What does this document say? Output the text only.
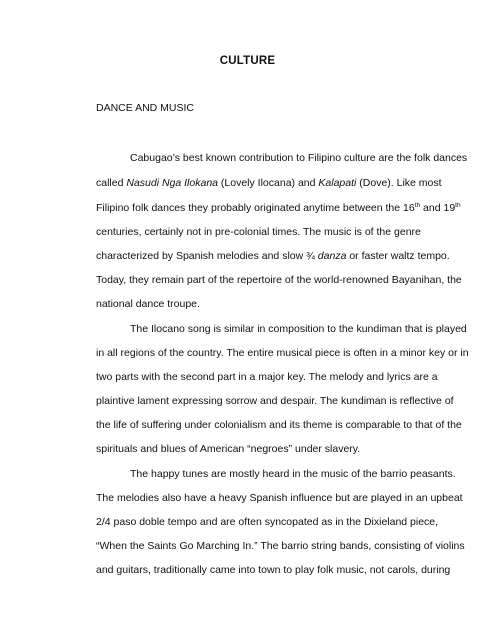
CULTURE
DANCE AND MUSIC
Cabugao’s best known contribution to Filipino culture are the folk dances
called Nasudi Nga Ilokana (Lovely Ilocana) and Kalapati (Dove). Like most
Filipino folk dances they probably originated anytime between the 16th and 19th
centuries, certainly not in pre-colonial times. The music is of the genre
characterized by Spanish melodies and slow ¾ danza or faster waltz tempo.
Today, they remain part of the repertoire of the world-renowned Bayanihan, the
national dance troupe.
The Ilocano song is similar in composition to the kundiman that is played
in all regions of the country. The entire musical piece is often in a minor key or in
two parts with the second part in a major key. The melody and lyrics are a
plaintive lament expressing sorrow and despair. The kundiman is reflective of
the life of suffering under colonialism and its theme is comparable to that of the
spirituals and blues of American “negroes” under slavery.
The happy tunes are mostly heard in the music of the barrio peasants.
The melodies also have a heavy Spanish influence but are played in an upbeat
2/4 paso doble tempo and are often syncopated as in the Dixieland piece,
“When the Saints Go Marching In.” The barrio string bands, consisting of violins
and guitars, traditionally came into town to play folk music, not carols, during
